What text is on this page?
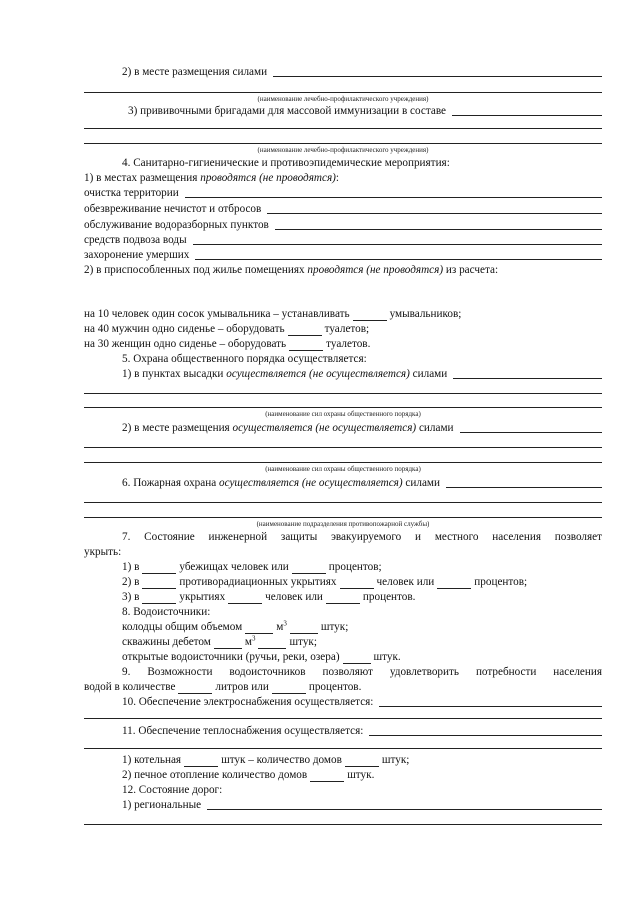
2) в месте размещения силами
(наименование лечебно-профилактического учреждения)
3) прививочными бригадами для массовой иммунизации в составе
(наименование лечебно-профилактического учреждения)
4. Санитарно-гигиенические и противоэпидемические мероприятия:
1) в местах размещения
проводятся (не проводятся) :
очистка территории
обезвреживание нечистот и отбросов
обслуживание водоразборных пунктов
средств подвоза воды
захоронение умерших
2) в приспособленных под жилье помещениях
проводятся (не проводятся)
из расчета:
на 10 человек один сосок умывальника – устанавливать	умывальников;
на 40 мужчин одно сиденье – оборудовать	туалетов;
на 30 женщин одно сиденье – оборудовать	туалетов.
5. Охрана общественного порядка осуществляется:
1) в пунктах высадки
осуществляется (не осуществляется)
силами
(наименование сил охраны общественного порядка)
2) в месте размещения
осуществляется (не осуществляется)
силами
(наименование сил охраны общественного порядка)
6. Пожарная охрана
осуществляется (не осуществляется)
силами
(наименование подразделения противопожарной службы)
7. Состояние инженерной защиты эвакуируемого и местного населения позволяет
укрыть:
1) в	убежищах человек или	процентов;
2) в	противорадиационных укрытиях	человек или	процентов;
3) в	укрытиях	человек или	процентов.
8. Водоисточники:
колодцы общим объемом	$м^3$	штук;
скважины дебетом	$м^3$	штук;
открытые водоисточники (ручьи, реки, озера)	штук.
9. Возможности водоисточников позволяют удовлетворить потребности населения
водой в количестве	литров или	процентов.
10. Обеспечение электроснабжения осуществляется:
11. Обеспечение теплоснабжения осуществляется:
1) котельная	штук – количество домов	штук;
2) печное отопление количество домов	штук.
12. Состояние дорог:
1) региональные
